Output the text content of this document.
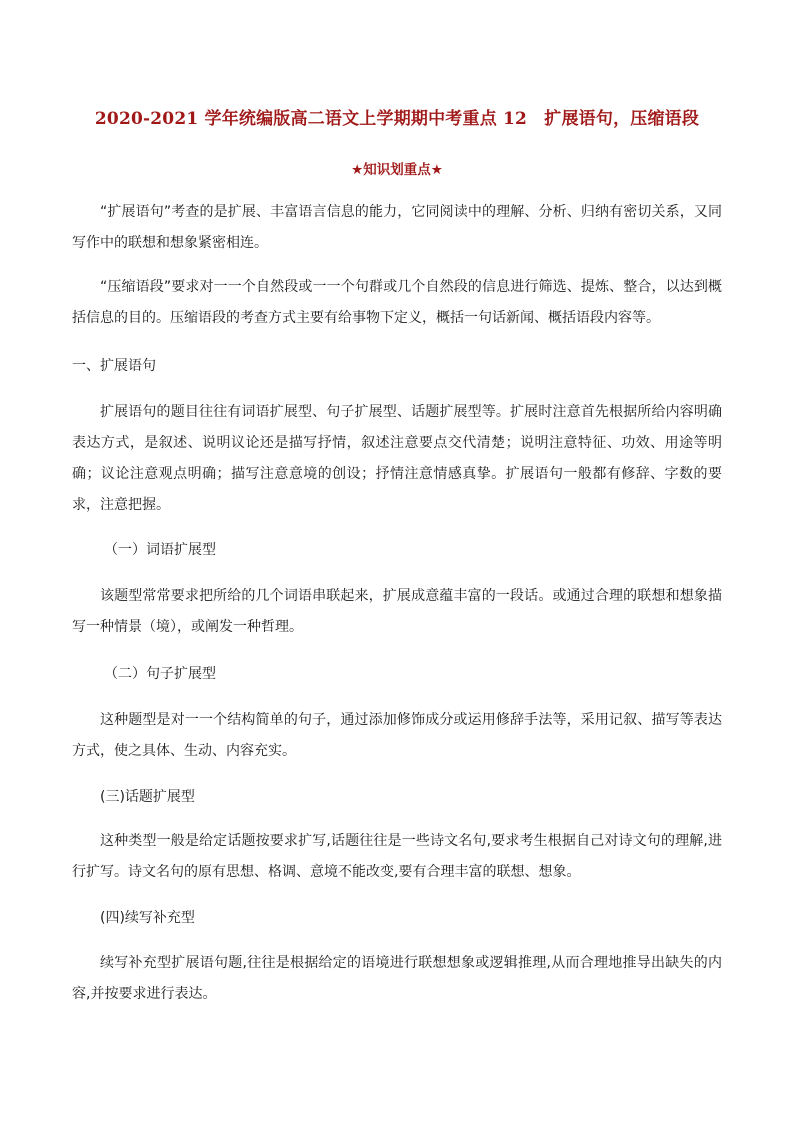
2020-2021 学年统编版高二语文上学期期中考重点 12　扩展语句，压缩语段
★知识划重点★

“扩展语句”考查的是扩展、丰富语言信息的能力，它同阅读中的理解、分析、归纳有密切关系，又同写作中的联想和想象紧密相连。

“压缩语段”要求对一一个自然段或一一个句群或几个自然段的信息进行筛选、提炼、整合，以达到概括信息的目的。压缩语段的考查方式主要有给事物下定义，概括一句话新闻、概括语段内容等。

一、扩展语句

扩展语句的题目往往有词语扩展型、句子扩展型、话题扩展型等。扩展时注意首先根据所给内容明确表达方式，是叙述、说明议论还是描写抒情，叙述注意要点交代清楚；说明注意特征、功效、用途等明确；议论注意观点明确；描写注意意境的创设；抒情注意情感真挚。扩展语句一般都有修辞、字数的要求，注意把握。

（一）词语扩展型

该题型常常要求把所给的几个词语串联起来，扩展成意蕴丰富的一段话。或通过合理的联想和想象描写一种情景（境），或阐发一种哲理。

（二）句子扩展型

这种题型是对一一个结构简单的句子，通过添加修饰成分或运用修辞手法等，采用记叙、描写等表达方式，使之具体、生动、内容充实。

(三)话题扩展型

这种类型一般是给定话题按要求扩写,话题往往是一些诗文名句,要求考生根据自己对诗文句的理解,进行扩写。诗文名句的原有思想、格调、意境不能改变,要有合理丰富的联想、想象。

(四)续写补充型

续写补充型扩展语句题,往往是根据给定的语境进行联想想象或逻辑推理,从而合理地推导出缺失的内容,并按要求进行表达。
